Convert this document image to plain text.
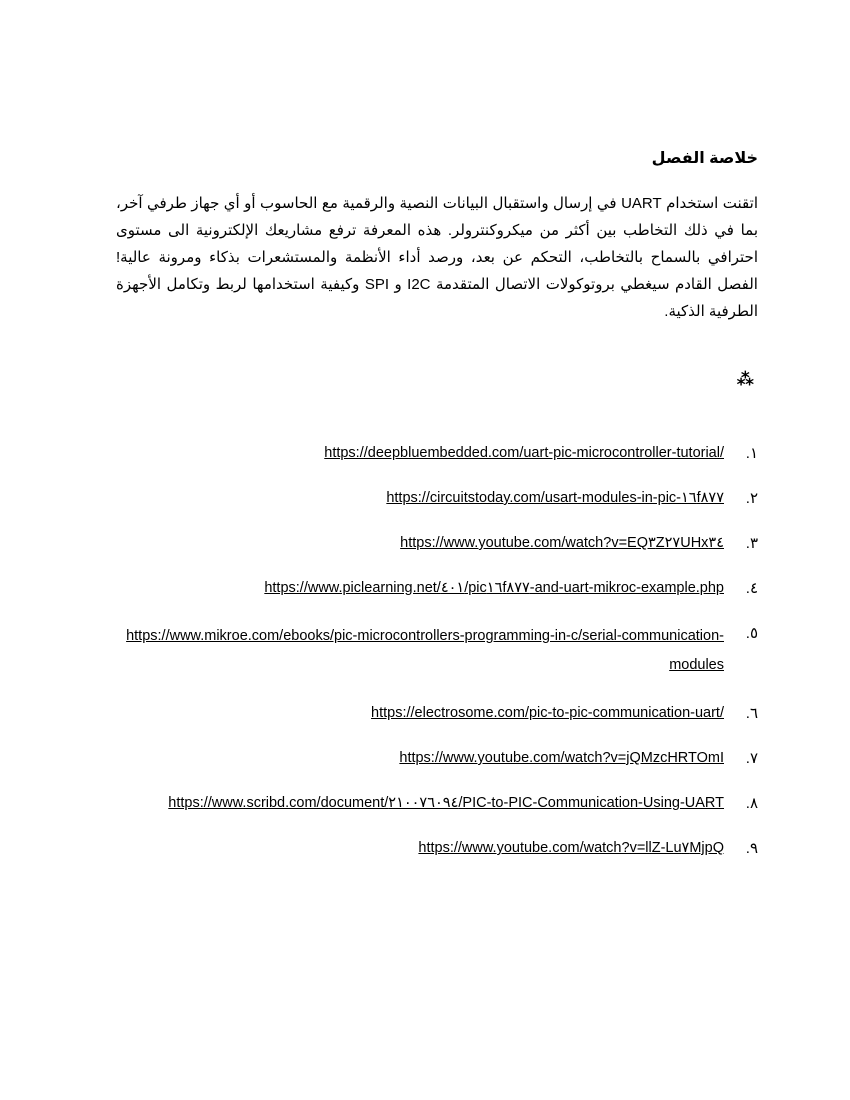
خلاصة الفصل

اتقنت استخدام UART في إرسال واستقبال البيانات النصية والرقمية مع الحاسوب أو أي جهاز طرفي آخر، بما في ذلك التخاطب بين أكثر من ميكروكنترولر. هذه المعرفة ترفع مشاريعك الإلكترونية الى مستوى احترافي بالسماح بالتخاطب، التحكم عن بعد، ورصد أداء الأنظمة والمستشعرات بذكاء ومرونة عالية! الفصل القادم سيغطي بروتوكولات الاتصال المتقدمة I2C و SPI وكيفية استخدامها لربط وتكامل الأجهزة الطرفية الذكية.

⁂
١.
https://deepbluembedded.com/uart-pic-microcontroller-tutorial/
٢.
https://circuitstoday.com/usart-modules-in-pic-١٦f٨٧٧
٣.
https://www.youtube.com/watch?v=EQ٣Z٢٧UHx٣٤
٤.
https://www.piclearning.net/٤٠١/pic١٦f٨٧٧-and-uart-mikroc-example.php
٥.
https://www.mikroe.com/ebooks/pic-microcontrollers-programming-in-c/serial-communication-modules
٦.
https://electrosome.com/pic-to-pic-communication-uart/
٧.
https://www.youtube.com/watch?v=jQMzcHRTOmI
٨.
https://www.scribd.com/document/٢١٠٠٧٦٠٩٤/PIC-to-PIC-Communication-Using-UART
٩.
https://www.youtube.com/watch?v=llZ-Lu٧MjpQ
